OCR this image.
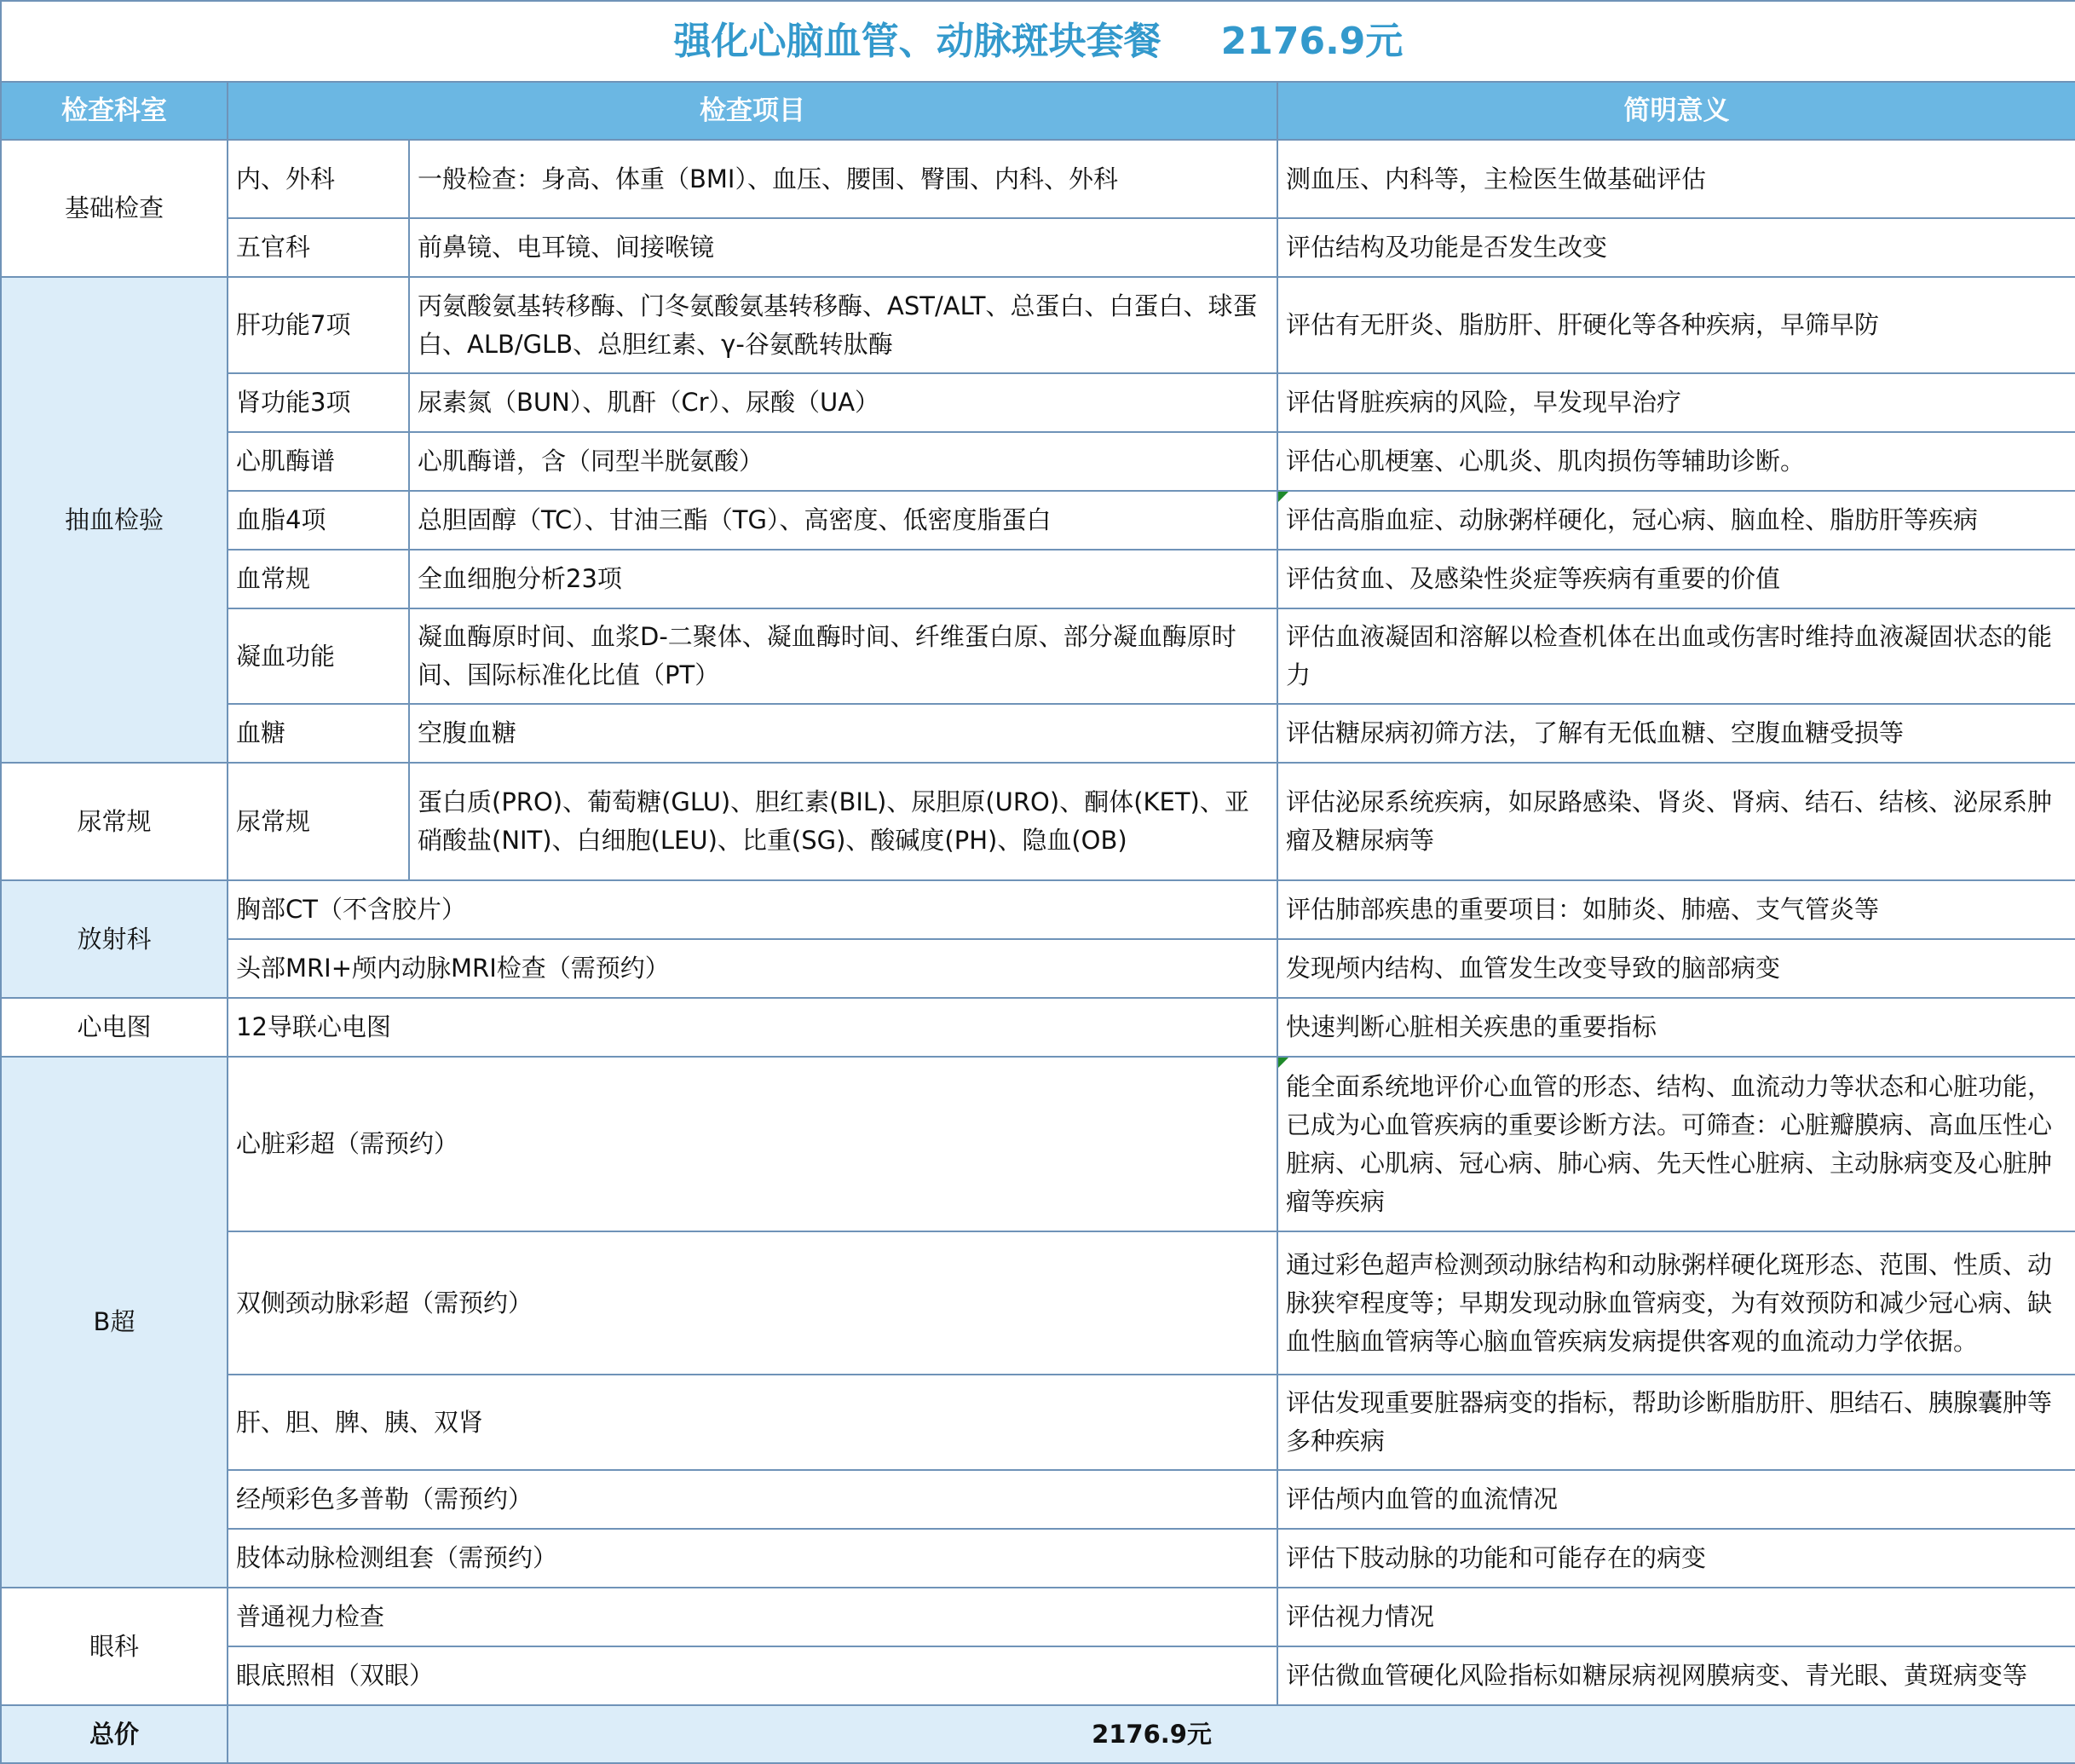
强化心脑血管、动脉斑块套餐 2176.9元			
检查科室	检查项目		简明意义
基础检查	内、外科	一般检查：身高、体重（BMI）、血压、腰围、臀围、内科、外科	测血压、内科等，主检医生做基础评估
	五官科	前鼻镜、电耳镜、间接喉镜	评估结构及功能是否发生改变
抽血检验	肝功能7项	丙氨酸氨基转移酶、门冬氨酸氨基转移酶、AST/ALT、总蛋白、白蛋白、球蛋白、ALB/GLB、总胆红素、γ-谷氨酰转肽酶	评估有无肝炎、脂肪肝、肝硬化等各种疾病，早筛早防
	肾功能3项	尿素氮（BUN）、肌酐（Cr）、尿酸（UA）	评估肾脏疾病的风险，早发现早治疗
	心肌酶谱	心肌酶谱，含（同型半胱氨酸）	评估心肌梗塞、心肌炎、肌肉损伤等辅助诊断。
	血脂4项	总胆固醇（TC）、甘油三酯（TG）、高密度、低密度脂蛋白	评估高脂血症、动脉粥样硬化，冠心病、脑血栓、脂肪肝等疾病
	血常规	全血细胞分析23项	评估贫血、及感染性炎症等疾病有重要的价值
	凝血功能	凝血酶原时间、血浆D-二聚体、凝血酶时间、纤维蛋白原、部分凝血酶原时间、国际标准化比值（PT）	评估血液凝固和溶解以检查机体在出血或伤害时维持血液凝固状态的能力
	血糖	空腹血糖	评估糖尿病初筛方法，了解有无低血糖、空腹血糖受损等
尿常规	尿常规	蛋白质(PRO)、葡萄糖(GLU)、胆红素(BIL)、尿胆原(URO)、酮体(KET)、亚硝酸盐(NIT)、白细胞(LEU)、比重(SG)、酸碱度(PH)、隐血(OB)	评估泌尿系统疾病，如尿路感染、肾炎、肾病、结石、结核、泌尿系肿瘤及糖尿病等
放射科	胸部CT（不含胶片）		评估肺部疾患的重要项目：如肺炎、肺癌、支气管炎等
	头部MRI+颅内动脉MRI检查（需预约）		发现颅内结构、血管发生改变导致的脑部病变
心电图	12导联心电图		快速判断心脏相关疾患的重要指标
B超	心脏彩超（需预约）		能全面系统地评价心血管的形态、结构、血流动力等状态和心脏功能，已成为心血管疾病的重要诊断方法。可筛查：心脏瓣膜病、高血压性心脏病、心肌病、冠心病、肺心病、先天性心脏病、主动脉病变及心脏肿瘤等疾病
	双侧颈动脉彩超（需预约）		通过彩色超声检测颈动脉结构和动脉粥样硬化斑形态、范围、性质、动脉狭窄程度等；早期发现动脉血管病变，为有效预防和减少冠心病、缺血性脑血管病等心脑血管疾病发病提供客观的血流动力学依据。
	肝、胆、脾、胰、双肾		评估发现重要脏器病变的指标，帮助诊断脂肪肝、胆结石、胰腺囊肿等多种疾病
	经颅彩色多普勒（需预约）		评估颅内血管的血流情况
	肢体动脉检测组套（需预约）		评估下肢动脉的功能和可能存在的病变
眼科	普通视力检查		评估视力情况
	眼底照相（双眼）		评估微血管硬化风险指标如糖尿病视网膜病变、青光眼、黄斑病变等
总价	2176.9元		
